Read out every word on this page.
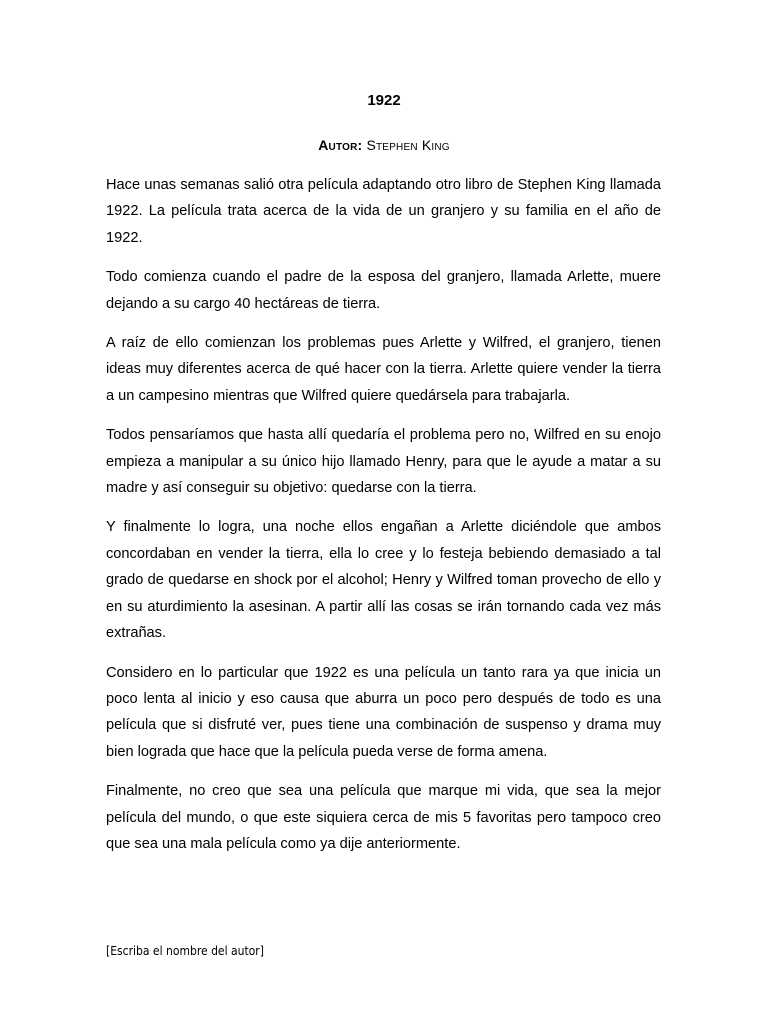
1922
Autor: Stephen King

Hace unas semanas salió otra película adaptando otro libro de Stephen King llamada 1922. La película trata acerca de la vida de un granjero y su familia en el año de 1922.

Todo comienza cuando el padre de la esposa del granjero, llamada Arlette, muere dejando a su cargo 40 hectáreas de tierra.

A raíz de ello comienzan los problemas pues Arlette y Wilfred, el granjero, tienen ideas muy diferentes acerca de qué hacer con la tierra. Arlette quiere vender la tierra a un campesino mientras que Wilfred quiere quedársela para trabajarla.

Todos pensaríamos que hasta allí quedaría el problema pero no, Wilfred en su enojo empieza a manipular a su único hijo llamado Henry, para que le ayude a matar a su madre y así conseguir su objetivo: quedarse con la tierra.

Y finalmente lo logra, una noche ellos engañan a Arlette diciéndole que ambos concordaban en vender la tierra, ella lo cree y lo festeja bebiendo demasiado a tal grado de quedarse en shock por el alcohol; Henry y Wilfred toman provecho de ello y en su aturdimiento la asesinan. A partir allí las cosas se irán tornando cada vez más extrañas.

Considero en lo particular que 1922 es una película un tanto rara ya que inicia un poco lenta al inicio y eso causa que aburra un poco pero después de todo es una película que si disfruté ver, pues tiene una combinación de suspenso y drama muy bien lograda que hace que la película pueda verse de forma amena.

Finalmente, no creo que sea una película que marque mi vida, que sea la mejor película del mundo, o que este siquiera cerca de mis 5 favoritas pero tampoco creo que sea una mala película como ya dije anteriormente.

[Escriba el nombre del autor]
